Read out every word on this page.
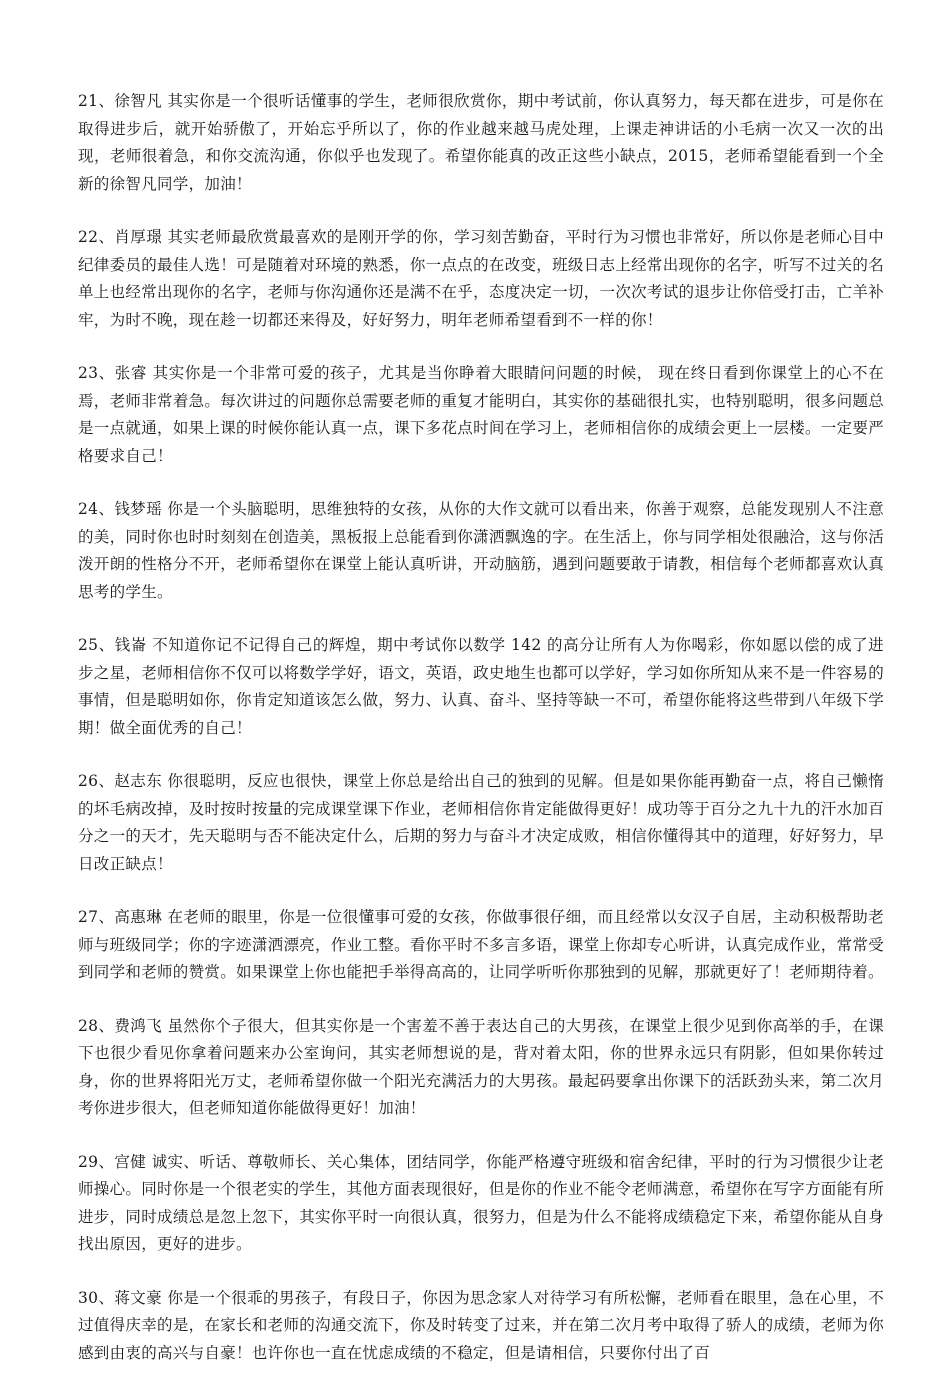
21、徐智凡 其实你是一个很听话懂事的学生，老师很欣赏你，期中考试前，你认真努力，每天都在进步，可是你在取得进步后，就开始骄傲了，开始忘乎所以了，你的作业越来越马虎处理，上课走神讲话的小毛病一次又一次的出现，老师很着急，和你交流沟通，你似乎也发现了。希望你能真的改正这些小缺点，2015，老师希望能看到一个全新的徐智凡同学，加油！

22、肖厚璟 其实老师最欣赏最喜欢的是刚开学的你，学习刻苦勤奋，平时行为习惯也非常好，所以你是老师心目中纪律委员的最佳人选！可是随着对环境的熟悉，你一点点的在改变，班级日志上经常出现你的名字，听写不过关的名单上也经常出现你的名字，老师与你沟通你还是满不在乎，态度决定一切，一次次考试的退步让你倍受打击，亡羊补牢，为时不晚，现在趁一切都还来得及，好好努力，明年老师希望看到不一样的你！

23、张睿 其实你是一个非常可爱的孩子，尤其是当你睁着大眼睛问问题的时候， 现在终日看到你课堂上的心不在焉，老师非常着急。每次讲过的问题你总需要老师的重复才能明白，其实你的基础很扎实，也特别聪明，很多问题总是一点就通，如果上课的时候你能认真一点，课下多花点时间在学习上，老师相信你的成绩会更上一层楼。一定要严格要求自己！

24、钱梦瑶 你是一个头脑聪明，思维独特的女孩，从你的大作文就可以看出来，你善于观察，总能发现别人不注意的美，同时你也时时刻刻在创造美，黑板报上总能看到你潇洒飘逸的字。在生活上，你与同学相处很融洽，这与你活泼开朗的性格分不开，老师希望你在课堂上能认真听讲，开动脑筋，遇到问题要敢于请教，相信每个老师都喜欢认真思考的学生。

25、钱崙 不知道你记不记得自己的辉煌，期中考试你以数学 142 的高分让所有人为你喝彩，你如愿以偿的成了进步之星，老师相信你不仅可以将数学学好，语文，英语，政史地生也都可以学好，学习如你所知从来不是一件容易的事情，但是聪明如你，你肯定知道该怎么做，努力、认真、奋斗、坚持等缺一不可，希望你能将这些带到八年级下学期！做全面优秀的自己！

26、赵志东 你很聪明，反应也很快，课堂上你总是给出自己的独到的见解。但是如果你能再勤奋一点，将自己懒惰的坏毛病改掉，及时按时按量的完成课堂课下作业，老师相信你肯定能做得更好！成功等于百分之九十九的汗水加百分之一的天才，先天聪明与否不能决定什么，后期的努力与奋斗才决定成败，相信你懂得其中的道理，好好努力，早日改正缺点！

27、高惠琳 在老师的眼里，你是一位很懂事可爱的女孩，你做事很仔细，而且经常以女汉子自居，主动积极帮助老师与班级同学；你的字迹潇洒漂亮，作业工整。看你平时不多言多语，课堂上你却专心听讲，认真完成作业，常常受到同学和老师的赞赏。如果课堂上你也能把手举得高高的，让同学听听你那独到的见解，那就更好了！老师期待着。

28、费鸿飞 虽然你个子很大，但其实你是一个害羞不善于表达自己的大男孩，在课堂上很少见到你高举的手，在课下也很少看见你拿着问题来办公室询问，其实老师想说的是，背对着太阳，你的世界永远只有阴影，但如果你转过身，你的世界将阳光万丈，老师希望你做一个阳光充满活力的大男孩。最起码要拿出你课下的活跃劲头来，第二次月考你进步很大，但老师知道你能做得更好！加油！

29、宫健 诚实、听话、尊敬师长、关心集体，团结同学，你能严格遵守班级和宿舍纪律，平时的行为习惯很少让老师操心。同时你是一个很老实的学生，其他方面表现很好，但是你的作业不能令老师满意，希望你在写字方面能有所进步，同时成绩总是忽上忽下，其实你平时一向很认真，很努力，但是为什么不能将成绩稳定下来，希望你能从自身找出原因，更好的进步。

30、蒋文豪 你是一个很乖的男孩子，有段日子，你因为思念家人对待学习有所松懈，老师看在眼里，急在心里，不过值得庆幸的是，在家长和老师的沟通交流下，你及时转变了过来，并在第二次月考中取得了骄人的成绩，老师为你感到由衷的高兴与自豪！也许你也一直在忧虑成绩的不稳定，但是请相信，只要你付出了百
